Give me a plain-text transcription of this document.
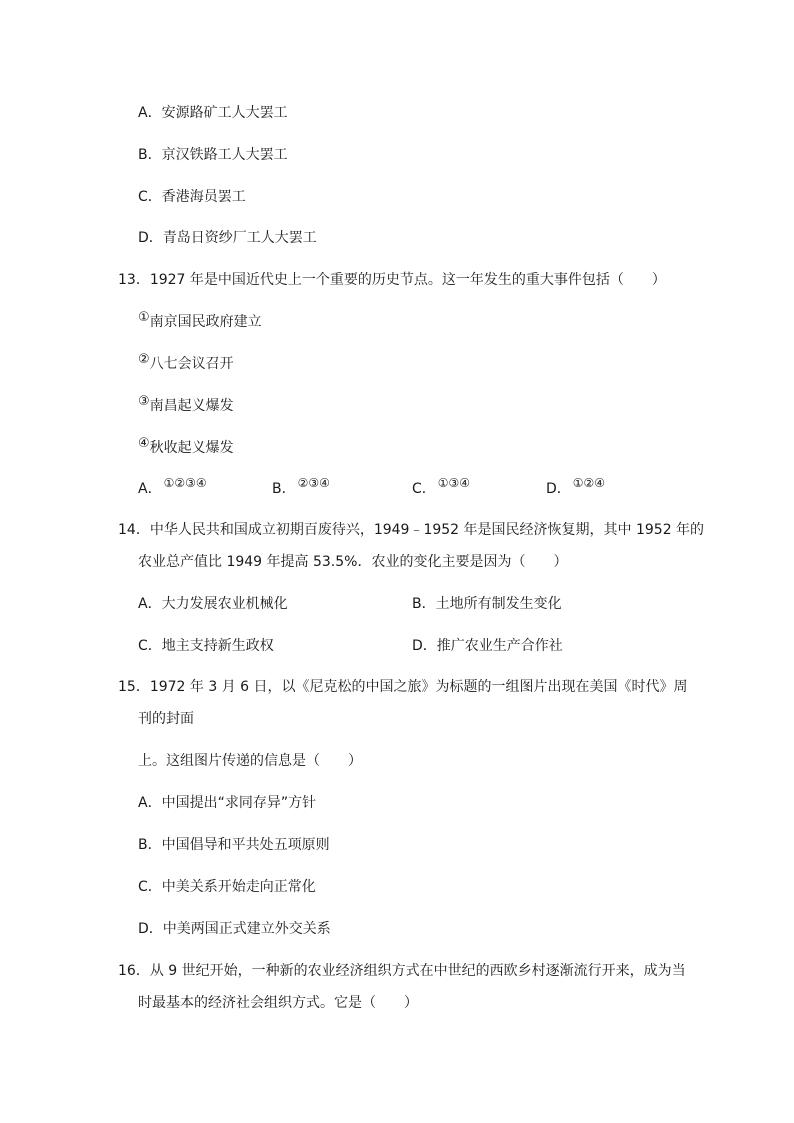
A．安源路矿工人大罢工
B．京汉铁路工人大罢工
C．香港海员罢工
D．青岛日资纱厂工人大罢工
13．1927 年是中国近代史上一个重要的历史节点。这一年发生的重大事件包括（　　）
①南京国民政府建立
②八七会议召开
③南昌起义爆发
④秋收起义爆发
A． ①②③④	B． ②③④	C． ①③④	D． ①②④
14．中华人民共和国成立初期百废待兴，1949﹣1952 年是国民经济恢复期，其中 1952 年的
农业总产值比 1949 年提高 53.5%．农业的变化主要是因为（　　）
A．大力发展农业机械化	B．土地所有制发生变化
C．地主支持新生政权	D．推广农业生产合作社
15．1972 年 3 月 6 日，以《尼克松的中国之旅》为标题的一组图片出现在美国《时代》周
刊的封面
上。这组图片传递的信息是（　　）
A．中国提出“求同存异”方针
B．中国倡导和平共处五项原则
C．中美关系开始走向正常化
D．中美两国正式建立外交关系
16．从 9 世纪开始，一种新的农业经济组织方式在中世纪的西欧乡村逐渐流行开来，成为当
时最基本的经济社会组织方式。它是（　　）
